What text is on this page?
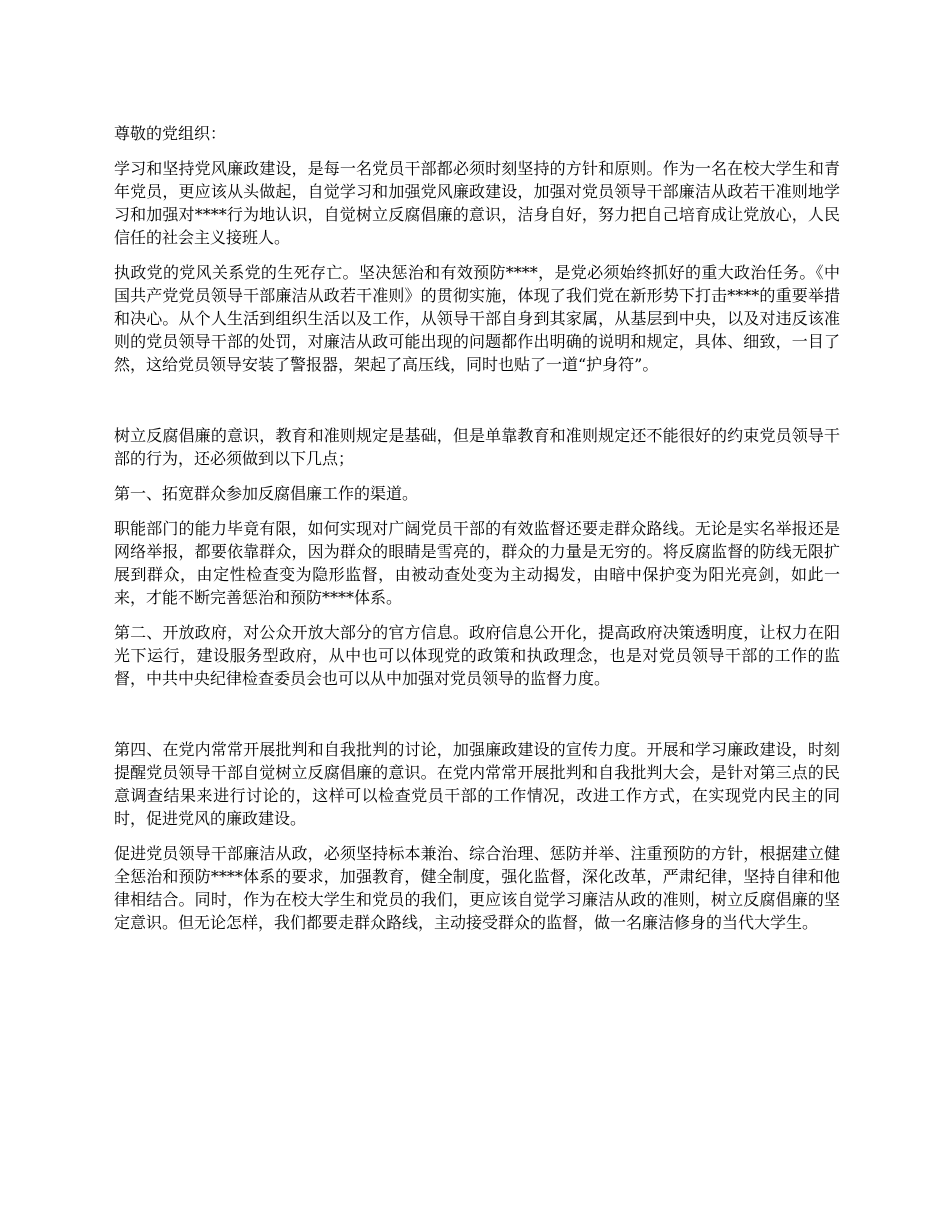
尊敬的党组织：

学习和坚持党风廉政建设，是每一名党员干部都必须时刻坚持的方针和原则。作为一名在校大学生和青年党员，更应该从头做起，自觉学习和加强党风廉政建设，加强对党员领导干部廉洁从政若干准则地学习和加强对****行为地认识，自觉树立反腐倡廉的意识，洁身自好，努力把自己培育成让党放心，人民信任的社会主义接班人。

执政党的党风关系党的生死存亡。坚决惩治和有效预防****，是党必须始终抓好的重大政治任务。《中国共产党党员领导干部廉洁从政若干准则》的贯彻实施，体现了我们党在新形势下打击****的重要举措和决心。从个人生活到组织生活以及工作，从领导干部自身到其家属，从基层到中央，以及对违反该准则的党员领导干部的处罚，对廉洁从政可能出现的问题都作出明确的说明和规定，具体、细致，一目了然，这给党员领导安装了警报器，架起了高压线，同时也贴了一道“护身符”。

树立反腐倡廉的意识，教育和准则规定是基础，但是单靠教育和准则规定还不能很好的约束党员领导干部的行为，还必须做到以下几点；

第一、拓宽群众参加反腐倡廉工作的渠道。

职能部门的能力毕竟有限，如何实现对广阔党员干部的有效监督还要走群众路线。无论是实名举报还是网络举报，都要依靠群众，因为群众的眼睛是雪亮的，群众的力量是无穷的。将反腐监督的防线无限扩展到群众，由定性检查变为隐形监督，由被动查处变为主动揭发，由暗中保护变为阳光亮剑，如此一来，才能不断完善惩治和预防****体系。

第二、开放政府，对公众开放大部分的官方信息。政府信息公开化，提高政府决策透明度，让权力在阳光下运行，建设服务型政府，从中也可以体现党的政策和执政理念，也是对党员领导干部的工作的监督，中共中央纪律检查委员会也可以从中加强对党员领导的监督力度。

第四、在党内常常开展批判和自我批判的讨论，加强廉政建设的宣传力度。开展和学习廉政建设，时刻提醒党员领导干部自觉树立反腐倡廉的意识。在党内常常开展批判和自我批判大会，是针对第三点的民意调查结果来进行讨论的，这样可以检查党员干部的工作情况，改进工作方式，在实现党内民主的同时，促进党风的廉政建设。

促进党员领导干部廉洁从政，必须坚持标本兼治、综合治理、惩防并举、注重预防的方针，根据建立健全惩治和预防****体系的要求，加强教育，健全制度，强化监督，深化改革，严肃纪律，坚持自律和他律相结合。同时，作为在校大学生和党员的我们，更应该自觉学习廉洁从政的准则，树立反腐倡廉的坚定意识。但无论怎样，我们都要走群众路线，主动接受群众的监督，做一名廉洁修身的当代大学生。
